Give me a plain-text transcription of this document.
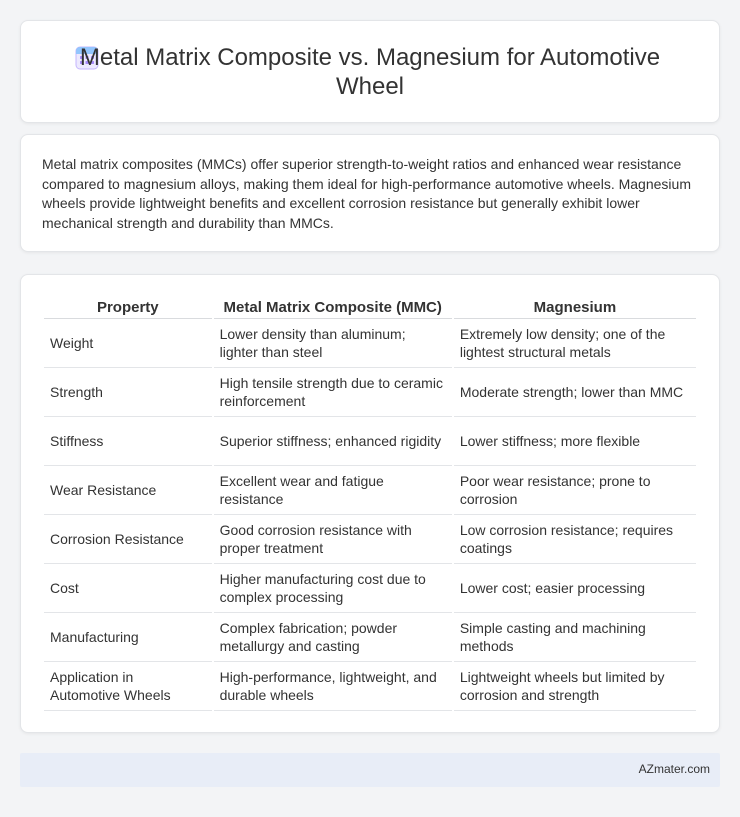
Metal Matrix Composite vs. Magnesium for Automotive Wheel

Metal matrix composites (MMCs) offer superior strength-to-weight ratios and enhanced wear resistance compared to magnesium alloys, making them ideal for high-performance automotive wheels. Magnesium wheels provide lightweight benefits and excellent corrosion resistance but generally exhibit lower mechanical strength and durability than MMCs.

Property	Metal Matrix Composite (MMC)	Magnesium
Weight	Lower density than aluminum; lighter than steel	Extremely low density; one of the lightest structural metals
Strength	High tensile strength due to ceramic reinforcement	Moderate strength; lower than MMC
Stiffness	Superior stiffness; enhanced rigidity	Lower stiffness; more flexible
Wear Resistance	Excellent wear and fatigue resistance	Poor wear resistance; prone to corrosion
Corrosion Resistance	Good corrosion resistance with proper treatment	Low corrosion resistance; requires coatings
Cost	Higher manufacturing cost due to complex processing	Lower cost; easier processing
Manufacturing	Complex fabrication; powder metallurgy and casting	Simple casting and machining methods
Application in Automotive Wheels	High-performance, lightweight, and durable wheels	Lightweight wheels but limited by corrosion and strength
AZmater.com
